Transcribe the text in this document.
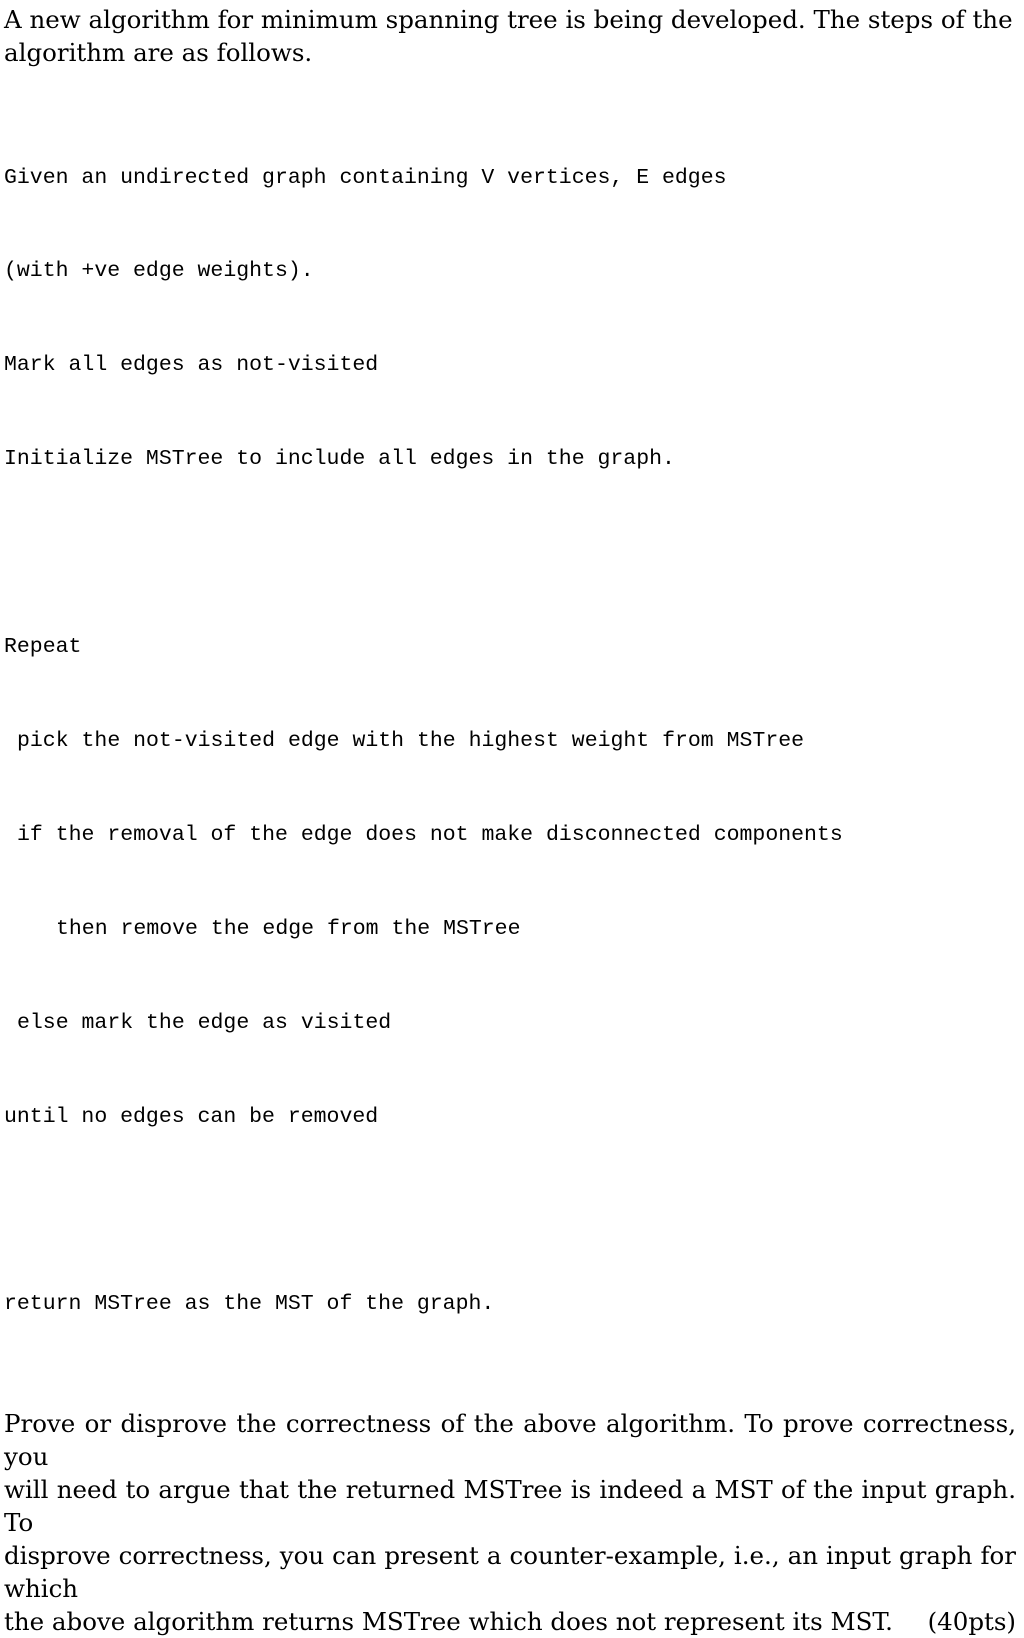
A new algorithm for minimum spanning tree is being developed. The steps of the
algorithm are as follows.

Given an undirected graph containing V vertices, E edges

(with +ve edge weights).

Mark all edges as not-visited

Initialize MSTree to include all edges in the graph.

Repeat

pick the not-visited edge with the highest weight from MSTree

if the removal of the edge does not make disconnected components

then remove the edge from the MSTree

else mark the edge as visited

until no edges can be removed

return MSTree as the MST of the graph.

Prove or disprove the correctness of the above algorithm. To prove correctness, you
will need to argue that the returned MSTree is indeed a MST of the input graph. To
disprove correctness, you can present a counter-example, i.e., an input graph for which
the above algorithm returns MSTree which does not represent its MST.	(40pts)
